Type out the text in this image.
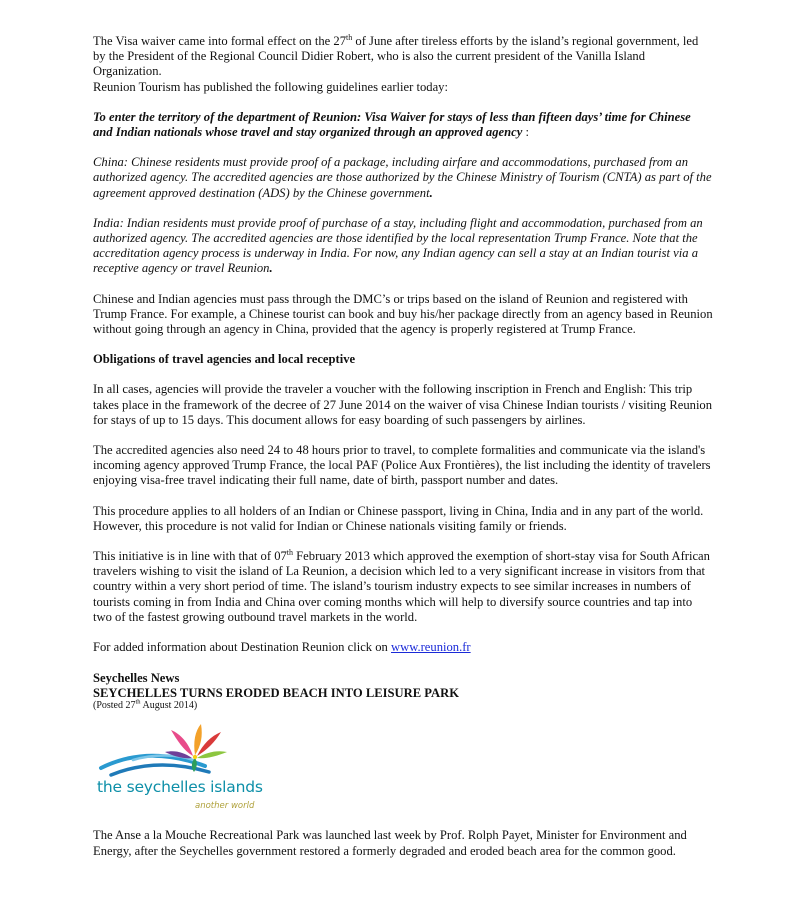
The Visa waiver came into formal effect on the 27th of June after tireless efforts by the island’s regional government, led by the President of the Regional Council Didier Robert, who is also the current president of the Vanilla Island Organization.

Reunion Tourism has published the following guidelines earlier today:

To enter the territory of the department of Reunion: Visa Waiver for stays of less than fifteen days’ time for Chinese and Indian nationals whose travel and stay organized through an approved agency :

China: Chinese residents must provide proof of a package, including airfare and accommodations, purchased from an authorized agency. The accredited agencies are those authorized by the Chinese Ministry of Tourism (CNTA) as part of the agreement approved destination (ADS) by the Chinese government.

India: Indian residents must provide proof of purchase of a stay, including flight and accommodation, purchased from an authorized agency. The accredited agencies are those identified by the local representation Trump France. Note that the accreditation agency process is underway in India. For now, any Indian agency can sell a stay at an Indian tourist via a receptive agency or travel Reunion.

Chinese and Indian agencies must pass through the DMC’s or trips based on the island of Reunion and registered with Trump France. For example, a Chinese tourist can book and buy his/her package directly from an agency based in Reunion without going through an agency in China, provided that the agency is properly registered at Trump France.

Obligations of travel agencies and local receptive

In all cases, agencies will provide the traveler a voucher with the following inscription in French and English: This trip takes place in the framework of the decree of 27 June 2014 on the waiver of visa Chinese Indian tourists / visiting Reunion for stays of up to 15 days. This document allows for easy boarding of such passengers by airlines.

The accredited agencies also need 24 to 48 hours prior to travel, to complete formalities and communicate via the island's incoming agency approved Trump France, the local PAF (Police Aux Frontières), the list including the identity of travelers enjoying visa-free travel indicating their full name, date of birth, passport number and dates.

This procedure applies to all holders of an Indian or Chinese passport, living in China, India and in any part of the world. However, this procedure is not valid for Indian or Chinese nationals visiting family or friends.

This initiative is in line with that of 07th February 2013 which approved the exemption of short-stay visa for South African travelers wishing to visit the island of La Reunion, a decision which led to a very significant increase in visitors from that country within a very short period of time. The island’s tourism industry expects to see similar increases in numbers of tourists coming in from India and China over coming months which will help to diversify source countries and tap into two of the fastest growing outbound travel markets in the world.

For added information about Destination Reunion click on www.reunion.fr

Seychelles News
SEYCHELLES TURNS ERODED BEACH INTO LEISURE PARK
(Posted 27th August 2014)
the seychelles islands
another world

The Anse a la Mouche Recreational Park was launched last week by Prof. Rolph Payet, Minister for Environment and Energy, after the Seychelles government restored a formerly degraded and eroded beach area for the common good.
